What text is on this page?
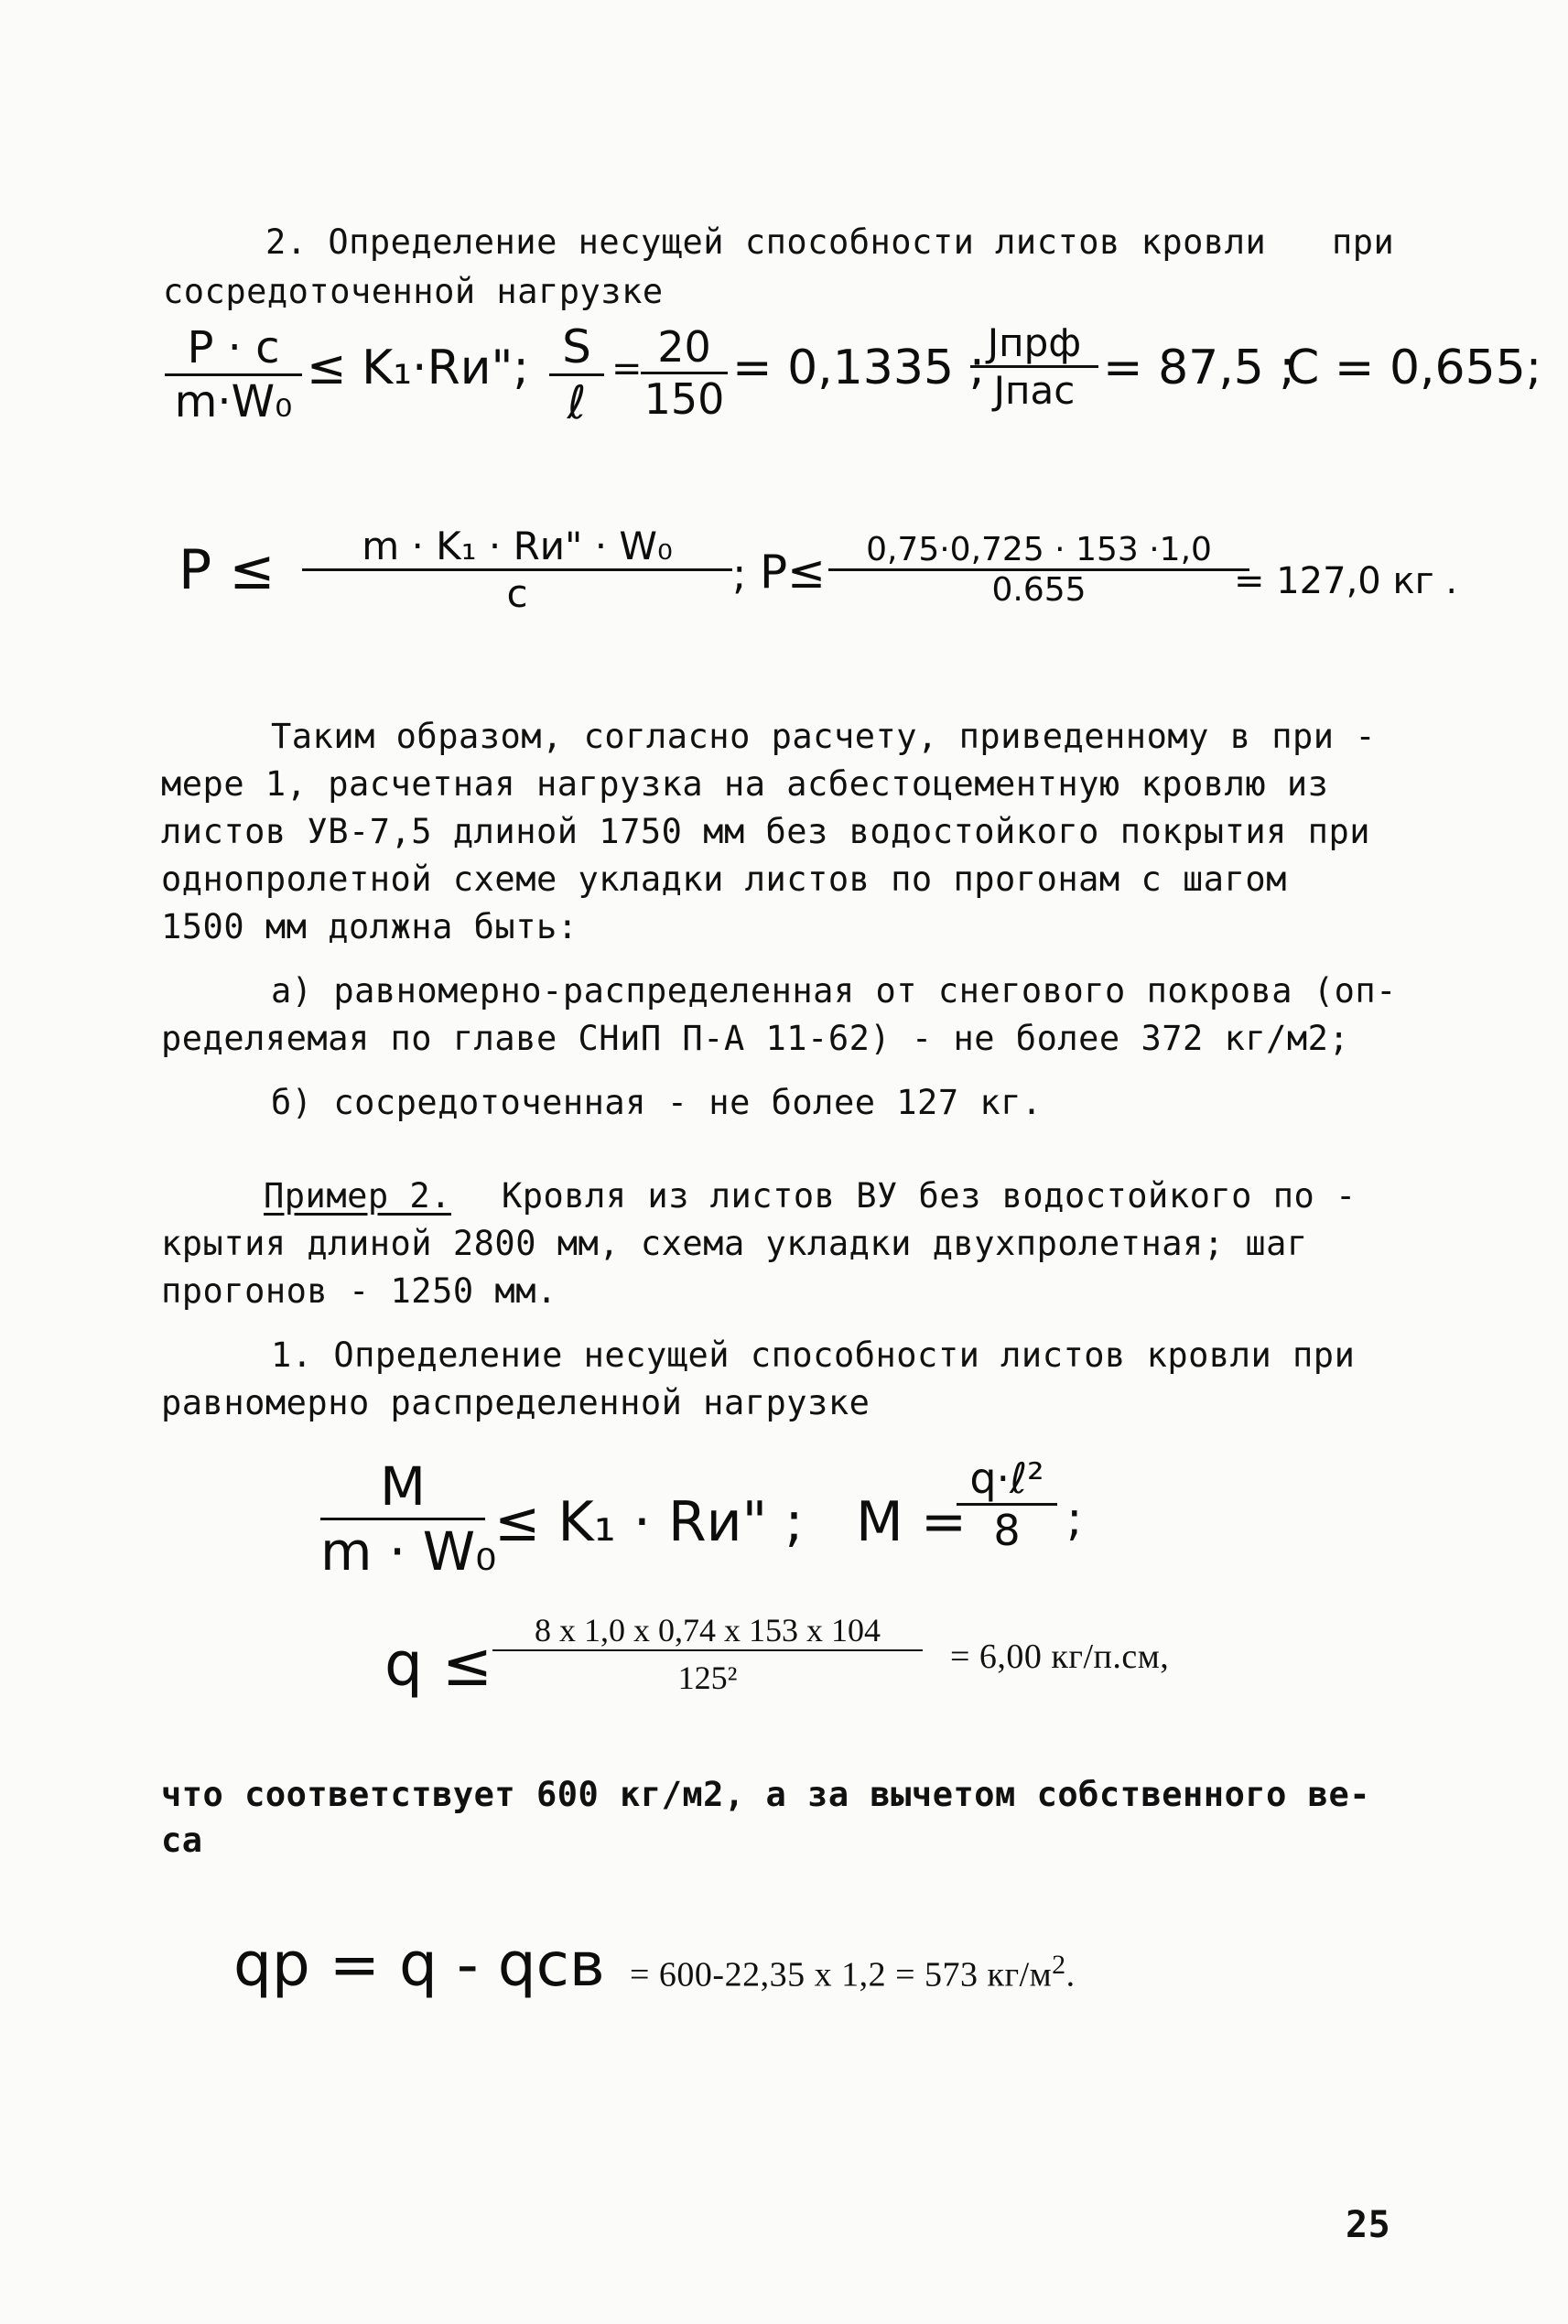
2. Определение несущей способности листов кровли при
сосредоточенной нагрузке
P · c
m·W₀
≤ K₁·Rи"; S
ℓ
= 20
150
= 0,1335 ; Jпрф
Jпас = 87,5 ;
C = 0,655;
P ≤	m · K₁ · Rи" · W₀
c	; P≤	0,75·0,725 · 153 ·1,0
0.655	= 127,0 кг .
Таким образом, согласно расчету, приведенному в при -
мере 1, расчетная нагрузка на асбестоцементную кровлю из
листов УВ-7,5 длиной 1750 мм без водостойкого покрытия при
однопролетной схеме укладки листов по прогонам с шагом
1500 мм должна быть:
а) равномерно-распределенная от снегового покрова (оп-
ределяемая по главе СНиП П-А 11-62) - не более 372 кг/м2;
б) сосредоточенная - не более 127 кг.
Пример 2. Кровля из листов ВУ без водостойкого по -
крытия длиной 2800 мм, схема укладки двухпролетная; шаг
прогонов - 1250 мм.
1. Определение несущей способности листов кровли при
равномерно распределенной нагрузке
M
m · W₀
≤ K₁ · Rи" ; M =
q·ℓ²
8 ;
q ≤	8 x 1,0 x 0,74 x 153 x 104
125²
= 6,00 кг/п.см,
что соответствует 600 кг/м2, а за вычетом собственного ве-
са
qр = q - qсв = 600-22,35 x 1,2 = 573 $кг/м^2$.
25
